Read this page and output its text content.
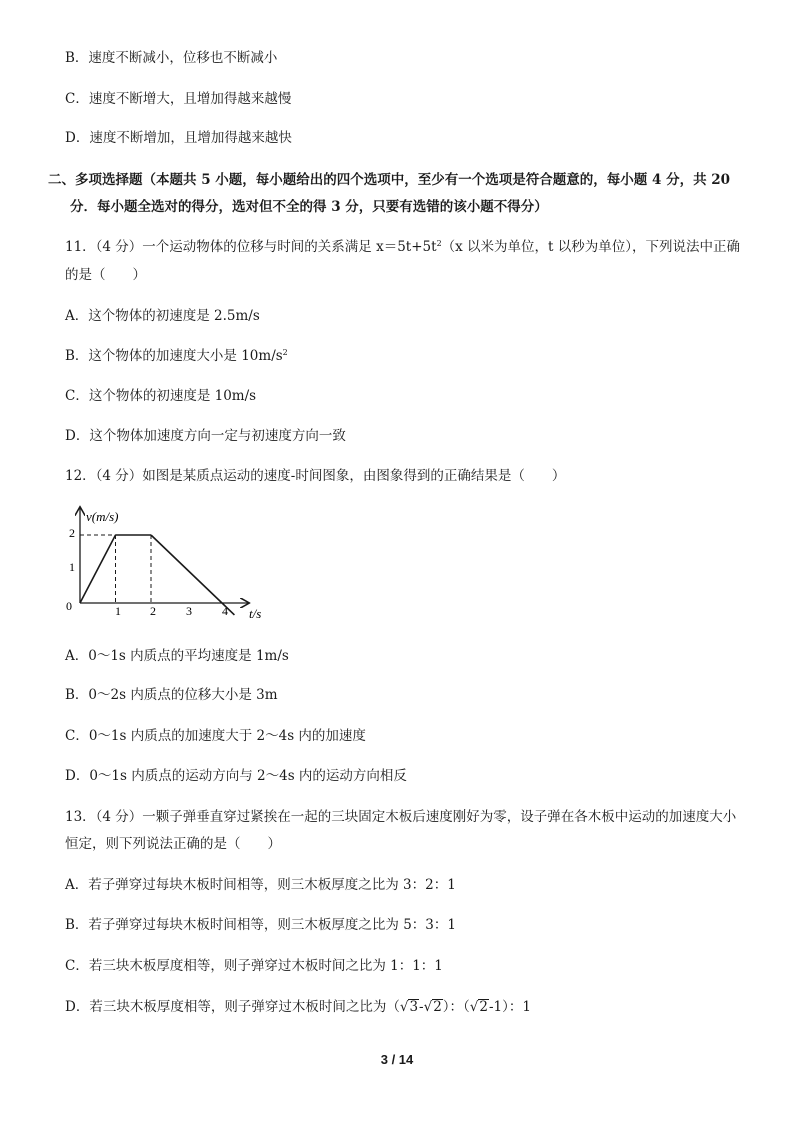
B．速度不断减小，位移也不断减小
C．速度不断增大，且增加得越来越慢
D．速度不断增加，且增加得越来越快
二、多项选择题（本题共 5 小题，每小题给出的四个选项中，至少有一个选项是符合题意的，每小题 4 分，共 20
分．每小题全选对的得分，选对但不全的得 3 分，只要有选错的该小题不得分）
11．（4 分）一个运动物体的位移与时间的关系满足 $x=5t+5t^2(x$ 以米为单位，t 以秒为单位），下列说法中正确
的是（　　）
A．这个物体的初速度是 2.5m/s
B．这个物体的加速度大小是 $10m/s^2$
C．这个物体的初速度是 10m/s
D．这个物体加速度方向一定与初速度方向一致
12．（4 分）如图是某质点运动的速度-时间图象，由图象得到的正确结果是（　　）
v(m/s)
t/s
0
1
2
1 2	3	4
A．0～1s 内质点的平均速度是 1m/s
B．0～2s 内质点的位移大小是 3m
C．0～1s 内质点的加速度大于 2～4s 内的加速度
D．0～1s 内质点的运动方向与 2～4s 内的运动方向相反
13．（4 分）一颗子弹垂直穿过紧挨在一起的三块固定木板后速度刚好为零，设子弹在各木板中运动的加速度大小
恒定，则下列说法正确的是（　　）
A．若子弹穿过每块木板时间相等，则三木板厚度之比为 3：2：1
B．若子弹穿过每块木板时间相等，则三木板厚度之比为 5：3：1
C．若三块木板厚度相等，则子弹穿过木板时间之比为 1：1：1
D．若三块木板厚度相等，则子弹穿过木板时间之比为（√3-√2）：（√2-1）：1
3 / 14
